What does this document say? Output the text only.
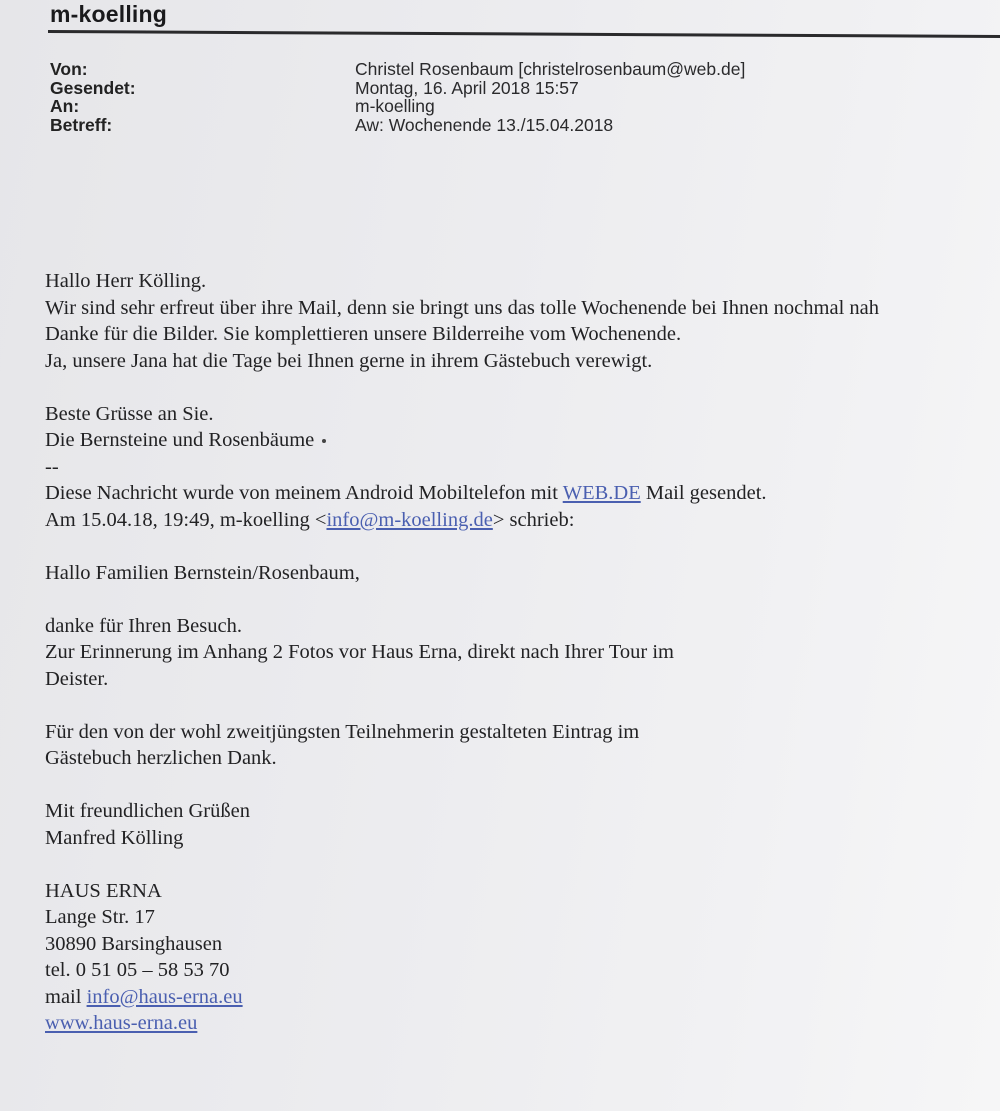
m-koelling
Von:	Christel Rosenbaum [christelrosenbaum@web.de]
Gesendet:	Montag, 16. April 2018 15:57
An:	m-koelling
Betreff:	Aw: Wochenende 13./15.04.2018
Hallo Herr Kölling.
Wir sind sehr erfreut über ihre Mail, denn sie bringt uns das tolle Wochenende bei Ihnen nochmal nah
Danke für die Bilder. Sie komplettieren unsere Bilderreihe vom Wochenende.
Ja, unsere Jana hat die Tage bei Ihnen gerne in ihrem Gästebuch verewigt.
Beste Grüsse an Sie.
Die Bernsteine und Rosenbäume
--
Diese Nachricht wurde von meinem Android Mobiltelefon mit WEB.DE Mail gesendet.
Am 15.04.18, 19:49, m-koelling <info@m-koelling.de> schrieb:
Hallo Familien Bernstein/Rosenbaum,
danke für Ihren Besuch.
Zur Erinnerung im Anhang 2 Fotos vor Haus Erna, direkt nach Ihrer Tour im
Deister.
Für den von der wohl zweitjüngsten Teilnehmerin gestalteten Eintrag im
Gästebuch herzlichen Dank.
Mit freundlichen Grüßen
Manfred Kölling
HAUS ERNA
Lange Str. 17
30890 Barsinghausen
tel. 0 51 05 – 58 53 70
mail info@haus-erna.eu
www.haus-erna.eu
